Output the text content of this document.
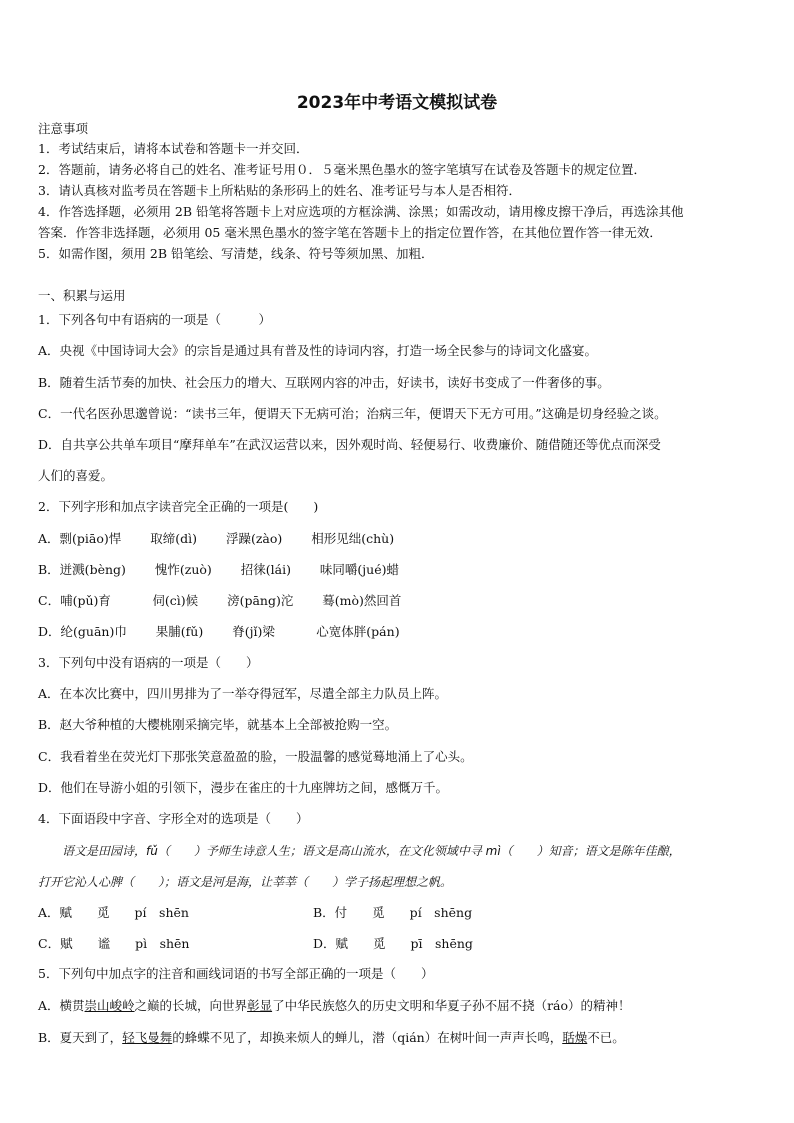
2023年中考语文模拟试卷
注意事项
1．考试结束后，请将本试卷和答题卡一并交回．
2．答题前，请务必将自己的姓名、准考证号用０．５毫米黑色墨水的签字笔填写在试卷及答题卡的规定位置．
3．请认真核对监考员在答题卡上所粘贴的条形码上的姓名、准考证号与本人是否相符．
4．作答选择题，必须用 2B 铅笔将答题卡上对应选项的方框涂满、涂黑；如需改动，请用橡皮擦干净后，再选涂其他
答案．作答非选择题，必须用 05 毫米黑色墨水的签字笔在答题卡上的指定位置作答，在其他位置作答一律无效．
5．如需作图，须用 2B 铅笔绘、写清楚，线条、符号等须加黑、加粗．
一、积累与运用
1．下列各句中有语病的一项是（　　　）
A．央视《中国诗词大会》的宗旨是通过具有普及性的诗词内容，打造一场全民参与的诗词文化盛宴。
B．随着生活节奏的加快、社会压力的增大、互联网内容的冲击，好读书，读好书变成了一件奢侈的事。
C．一代名医孙思邈曾说：“读书三年，便谓天下无病可治；治病三年，便谓天下无方可用。”这确是切身经验之谈。
D．自共享公共单车项目“摩拜单车”在武汉运营以来，因外观时尚、轻便易行、收费廉价、随借随还等优点而深受
人们的喜爱。
2．下列字形和加点字读音完全正确的一项是(　　)
A．剽(piāo)悍　　 取缔(dì)　　 浮躁(zào)　　 相形见绌(chù)
B．迸溅(bèng)　　 愧怍(zuò)　　 招徕(lái)　　 味同嚼(jué)蜡
C．哺(pǔ)育　　　 伺(cì)候　　 滂(pāng)沱　　 蓦(mò)然回首
D．纶(guān)巾　　 果脯(fǔ)　　 脊(jǐ)梁　　　 心宽体胖(pán)
3．下列句中没有语病的一项是（　　）
A．在本次比赛中，四川男排为了一举夺得冠军，尽遣全部主力队员上阵。
B．赵大爷种植的大樱桃刚采摘完毕，就基本上全部被抢购一空。
C．我看着坐在荧光灯下那张笑意盈盈的脸，一股温馨的感觉蓦地涌上了心头。
D．他们在导游小姐的引领下，漫步在雀庄的十九座牌坊之间，感慨万千。
4．下面语段中字音、字形全对的选项是（　　）
　　语文是田园诗，fǔ（　　）予师生诗意人生；语文是高山流水，在文化领域中寻 mì（　　）知音；语文是陈年佳酿，
打开它沁人心脾（　　）；语文是河是海，让莘莘（　　）学子扬起理想之帆。
A．赋　　觅　　pí　shēn	B．付　　觅　　pí　shēng
C．赋　　谧　　pì　shēn	D．赋　　觅　　pī　shēng
5．下列句中加点字的注音和画线词语的书写全部正确的一项是（　　）
A．横贯崇山峻岭之巅的长城，向世界彰显了中华民族悠久的历史文明和华夏子孙不屈不挠（ráo）的精神！
B．夏天到了，轻飞曼舞的蜂蝶不见了，却换来烦人的蝉儿，潜（qián）在树叶间一声声长鸣，聒燥不已。
